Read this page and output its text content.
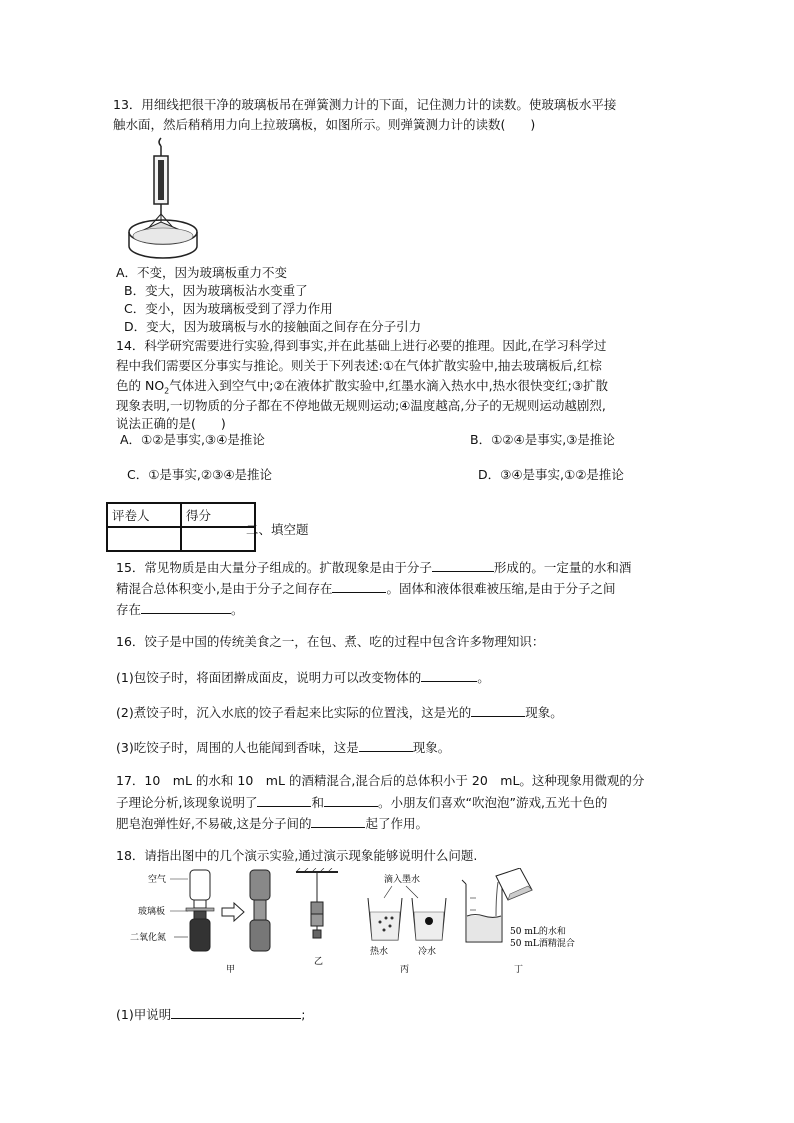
13．用细线把很干净的玻璃板吊在弹簧测力计的下面，记住测力计的读数。使玻璃板水平接
触水面，然后稍稍用力向上拉玻璃板，如图所示。则弹簧测力计的读数(　　)
A．不变，因为玻璃板重力不变
B．变大，因为玻璃板沾水变重了
C．变小，因为玻璃板受到了浮力作用
D．变大，因为玻璃板与水的接触面之间存在分子引力
14．科学研究需要进行实验,得到事实,并在此基础上进行必要的推理。因此,在学习科学过
程中我们需要区分事实与推论。则关于下列表述:①在气体扩散实验中,抽去玻璃板后,红棕
色的 $NO_2$气体进入到空气中;②在液体扩散实验中,红墨水滴入热水中,热水很快变红;③扩散
现象表明,一切物质的分子都在不停地做无规则运动;④温度越高,分子的无规则运动越剧烈,
说法正确的是(　　)
A．①②是事实,③④是推论	B．①②④是事实,③是推论
C．①是事实,②③④是推论	D．③④是事实,①②是推论
评卷人	得分

二、填空题
15．常见物质是由大量分子组成的。扩散现象是由于分子	形成的。一定量的水和酒
精混合总体积变小,是由于分子之间存在	。固体和液体很难被压缩,是由于分子之间
存在	。
16．饺子是中国的传统美食之一，在包、煮、吃的过程中包含许多物理知识：
(1)包饺子时，将面团擀成面皮，说明力可以改变物体的	。
(2)煮饺子时，沉入水底的饺子看起来比实际的位置浅，这是光的	现象。
(3)吃饺子时，周围的人也能闻到香味，这是	现象。
17．10　mL 的水和 10　mL 的酒精混合,混合后的总体积小于 20　mL。这种现象用微观的分
子理论分析,该现象说明了	和	。小朋友们喜欢“吹泡泡”游戏,五光十色的
肥皂泡弹性好,不易破,这是分子间的	起了作用。
18．请指出图中的几个演示实验,通过演示现象能够说明什么问题.
空气
玻璃板
二氧化氮
甲
乙
滴入墨水
热水	冷水
丙
50 mL的水和
50 mL酒精混合
丁
(1)甲说明	;
